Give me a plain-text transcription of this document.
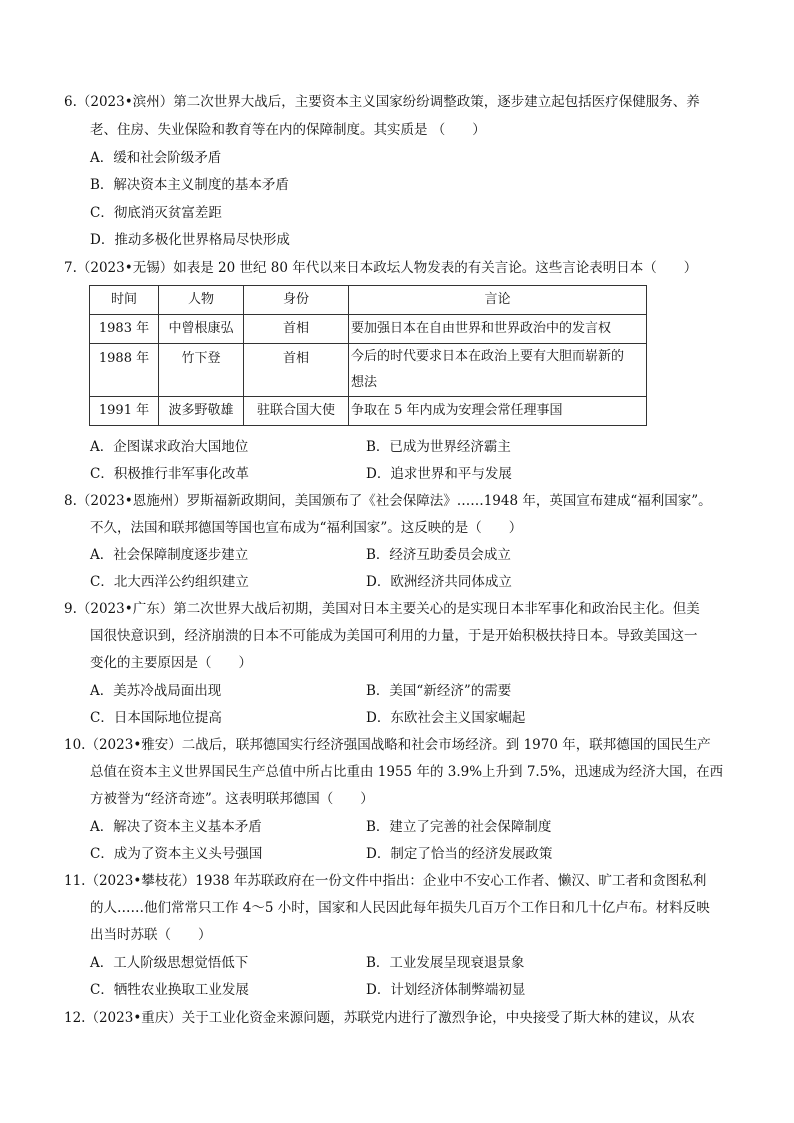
6.（2023•滨州）第二次世界大战后，主要资本主义国家纷纷调整政策，逐步建立起包括医疗保健服务、养
老、住房、失业保险和教育等在内的保障制度。其实质是 （　　）
A．缓和社会阶级矛盾
B．解决资本主义制度的基本矛盾
C．彻底消灭贫富差距
D．推动多极化世界格局尽快形成
7.（2023•无锡）如表是 20 世纪 80 年代以来日本政坛人物发表的有关言论。这些言论表明日本（　　）
时间	人物	身份	言论
1983 年	中曾根康弘	首相	要加强日本在自由世界和世界政治中的发言权
1988 年	竹下登	首相	今后的时代要求日本在政治上要有大胆而崭新的
想法

1991 年	波多野敬雄	驻联合国大使	争取在 5 年内成为安理会常任理事国
A．企图谋求政治大国地位	B．已成为世界经济霸主
C．积极推行非军事化改革	D．追求世界和平与发展
8.（2023•恩施州）罗斯福新政期间，美国颁布了《社会保障法》……1948 年，英国宣布建成“福利国家”。
不久，法国和联邦德国等国也宣布成为“福利国家”。这反映的是（　　）
A．社会保障制度逐步建立	B．经济互助委员会成立
C．北大西洋公约组织建立	D．欧洲经济共同体成立
9.（2023•广东）第二次世界大战后初期，美国对日本主要关心的是实现日本非军事化和政治民主化。但美
国很快意识到，经济崩溃的日本不可能成为美国可利用的力量，于是开始积极扶持日本。导致美国这一
变化的主要原因是（　　）
A．美苏冷战局面出现	B．美国“新经济”的需要
C．日本国际地位提高	D．东欧社会主义国家崛起
10.（2023•雅安）二战后，联邦德国实行经济强国战略和社会市场经济。到 1970 年，联邦德国的国民生产
总值在资本主义世界国民生产总值中所占比重由 1955 年的 3.9%上升到 7.5%，迅速成为经济大国，在西
方被誉为“经济奇迹”。这表明联邦德国（　　）
A．解决了资本主义基本矛盾	B．建立了完善的社会保障制度
C．成为了资本主义头号强国	D．制定了恰当的经济发展政策
11.（2023•攀枝花）1938 年苏联政府在一份文件中指出：企业中不安心工作者、懒汉、旷工者和贪图私利
的人……他们常常只工作 4～5 小时，国家和人民因此每年损失几百万个工作日和几十亿卢布。材料反映
出当时苏联（　　）
A．工人阶级思想觉悟低下	B．工业发展呈现衰退景象
C．牺牲农业换取工业发展	D．计划经济体制弊端初显
12.（2023•重庆）关于工业化资金来源问题，苏联党内进行了激烈争论，中央接受了斯大林的建议，从农
